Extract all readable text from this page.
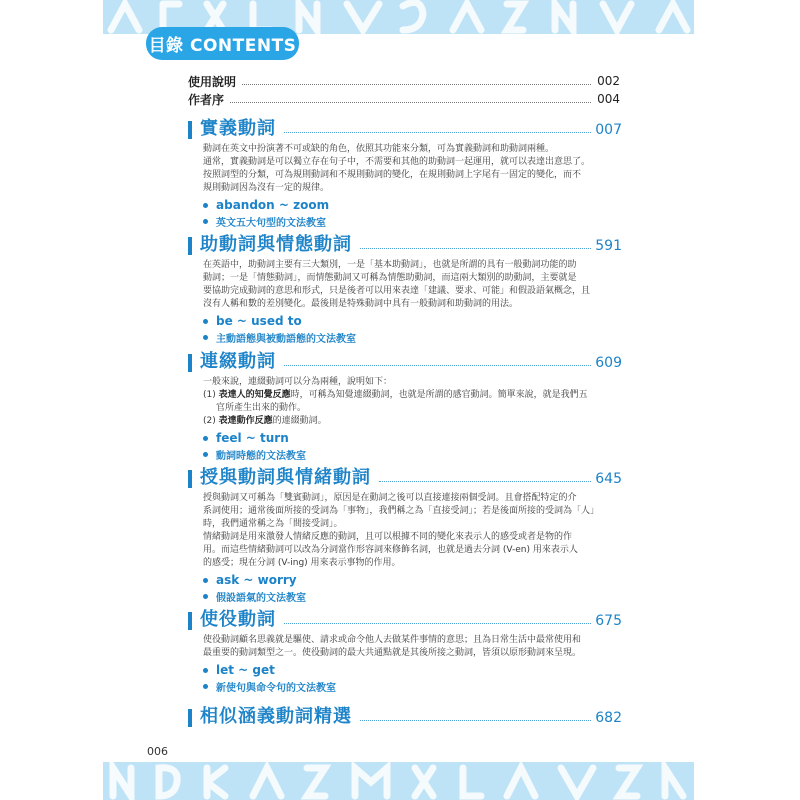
目錄 CONTENTS
使用說明	002
作者序	004
實義動詞	007

動詞在英文中扮演著不可或缺的角色，依照其功能來分類，可為實義動詞和助動詞兩種。

通常，實義動詞是可以獨立存在句子中，不需要和其他的助動詞一起運用，就可以表達出意思了。

按照詞型的分類，可為規則動詞和不規則動詞的變化，在規則動詞上字尾有一固定的變化，而不

規則動詞因為沒有一定的規律。

abandon ~ zoom
英文五大句型的文法教室
助動詞與情態動詞	591

在英語中，助動詞主要有三大類別，一是「基本助動詞」，也就是所謂的具有一般動詞功能的助

動詞；一是「情態動詞」，而情態動詞又可稱為情態助動詞，而這兩大類別的助動詞，主要就是

要協助完成動詞的意思和形式，只是後者可以用來表達「建議、要求、可能」和假設語氣概念，且

沒有人稱和數的差別變化。最後則是特殊動詞中具有一般動詞和助動詞的用法。

be ~ used to
主動語態與被動語態的文法教室
連綴動詞	609

一般來說，連綴動詞可以分為兩種，說明如下：

(1) 表達人的知覺反應時，可稱為知覺連綴動詞，也就是所謂的感官動詞。簡單來說，就是我們五

官所產生出來的動作。

(2) 表達動作反應的連綴動詞。

feel ~ turn
動詞時態的文法教室
授與動詞與情緒動詞	645

授與動詞又可稱為「雙賓動詞」，原因是在動詞之後可以直接連接兩個受詞。且會搭配特定的介

系詞使用；通常後面所接的受詞為「事物」，我們稱之為「直接受詞」；若是後面所接的受詞為「人」

時，我們通常稱之為「間接受詞」。

情緒動詞是用來激發人情緒反應的動詞，且可以根據不同的變化來表示人的感受或者是物的作

用。而這些情緒動詞可以改為分詞當作形容詞來修飾名詞，也就是過去分詞 (V-en) 用來表示人

的感受；現在分詞 (V-ing) 用來表示事物的作用。

ask ~ worry
假設語氣的文法教室
使役動詞	675

使役動詞顧名思義就是驅使、請求或命令他人去做某件事情的意思；且為日常生活中最常使用和

最重要的動詞類型之一。使役動詞的最大共通點就是其後所接之動詞，皆須以原形動詞來呈現。

let ~ get
新使句與命令句的文法教室
相似涵義動詞精選	682
006
